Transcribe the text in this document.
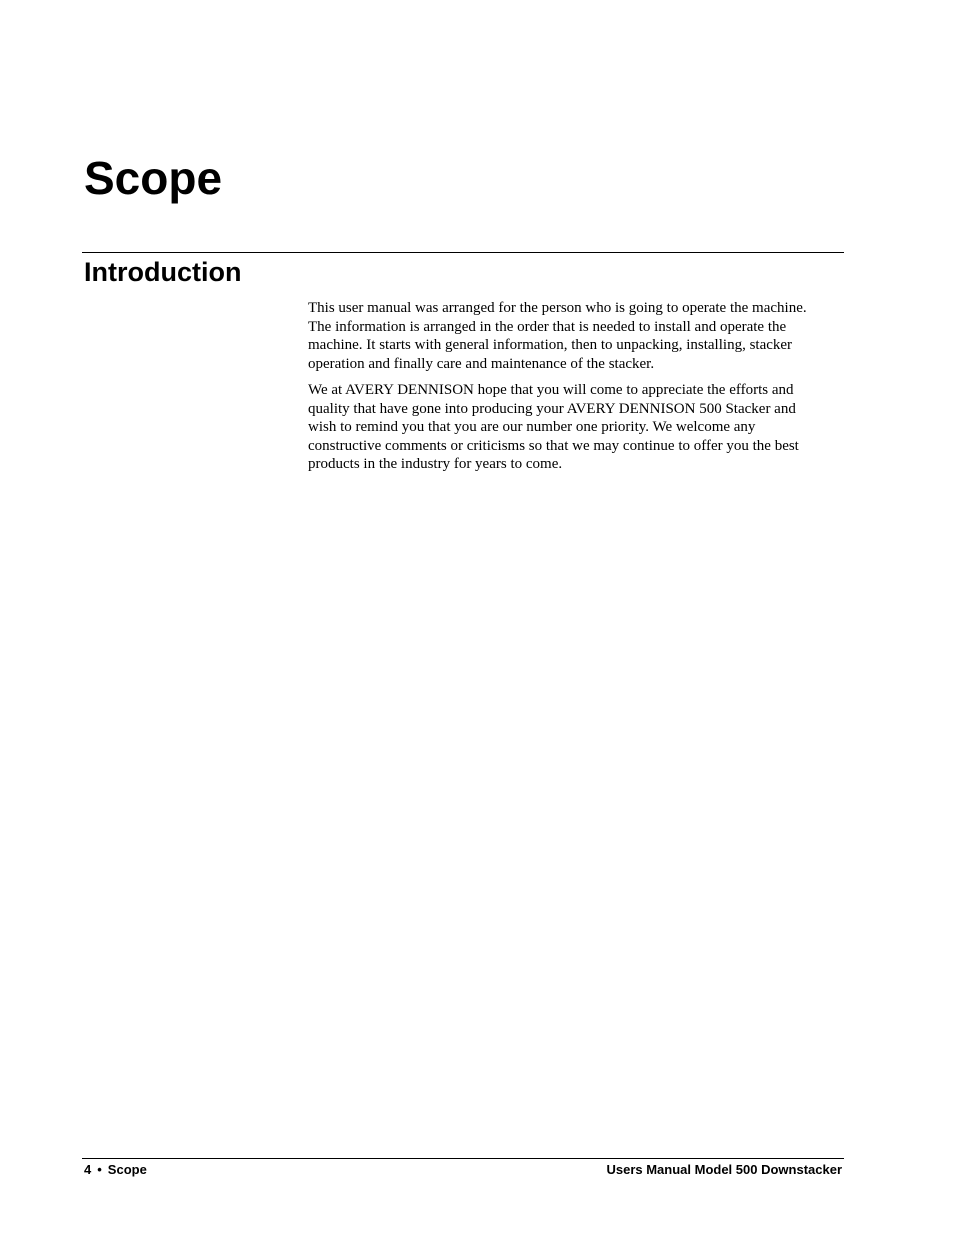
Scope
Introduction

This user manual was arranged for the person who is going to operate the machine.
The information is arranged in the order that is needed to install and operate the
machine. It starts with general information, then to unpacking, installing, stacker
operation and finally care and maintenance of the stacker.

We at AVERY DENNISON hope that you will come to appreciate the efforts and
quality that have gone into producing your AVERY DENNISON 500 Stacker and
wish to remind you that you are our number one priority. We welcome any
constructive comments or criticisms so that we may continue to offer you the best
products in the industry for years to come.

4 • Scope	Users Manual Model 500 Downstacker
